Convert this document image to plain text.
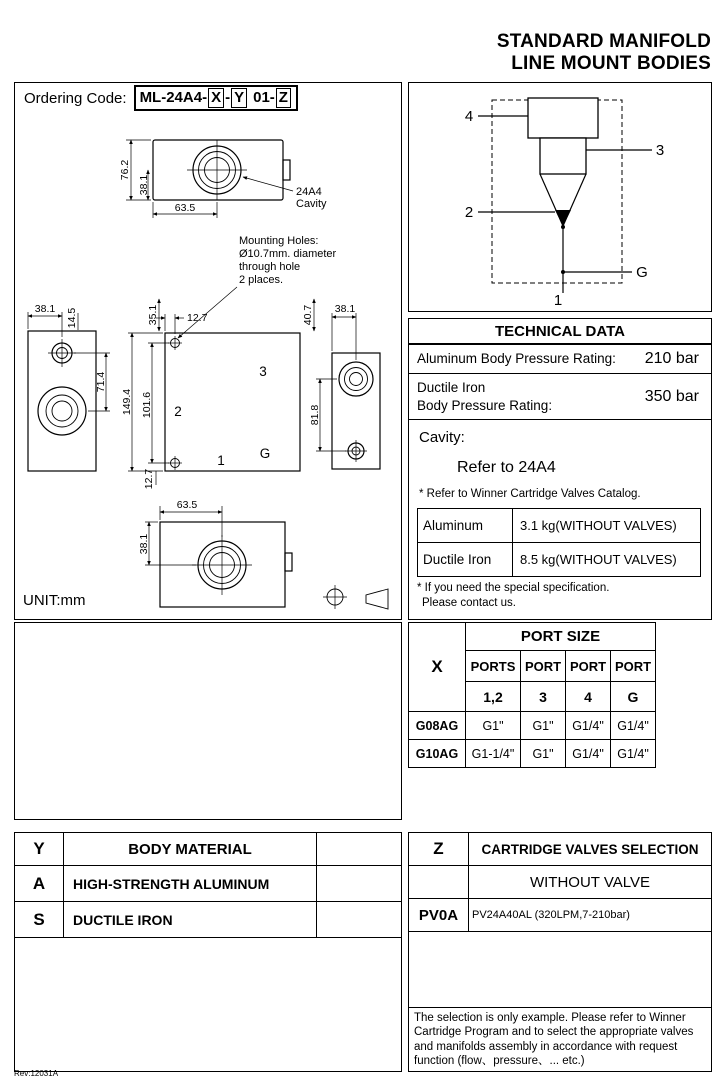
STANDARD MANIFOLD
LINE MOUNT BODIES
Ordering Code: ML-24A4- X - Y 01- Z
76.2
38.1
63.5
24A4
Cavity
Mounting Holes:
Ø10.7mm. diameter
through hole
2 places.
38.1 14.5
71.4
3
2
1	G
12.7
35.1
149.4 101.6
12.7
40.7 38.1
81.8
63.5
38.1
UNIT:mm
4
3
2
G
1
TECHNICAL DATA
Aluminum Body Pressure Rating: 210 bar
Ductile Iron
Body Pressure Rating:
350 bar
Cavity:
Refer to 24A4
* Refer to Winner Cartridge Valves Catalog.
Aluminum	3.1 kg(WITHOUT VALVES)
Ductile Iron	8.5 kg(WITHOUT VALVES)
* If you need the special specification.
Please contact us.
X	PORT SIZE			
	PORTS	PORT	PORT	PORT
	1,2	3	4	G
G08AG	G1"	G1"	G1/4"	G1/4"
G10AG	G1-1/4"	G1"	G1/4"	G1/4"
Y	BODY MATERIAL	
A	HIGH-STRENGTH ALUMINUM	
S	DUCTILE IRON	
Z	CARTRIDGE VALVES SELECTION
	WITHOUT VALVE
PV0A	PV24A40AL (320LPM,7-210bar)
The selection is only example. Please refer to Winner Cartridge Program and to select the appropriate valves and manifolds assembly in accordance with request function (flow、pressure、... etc.)
Rev:12031A
